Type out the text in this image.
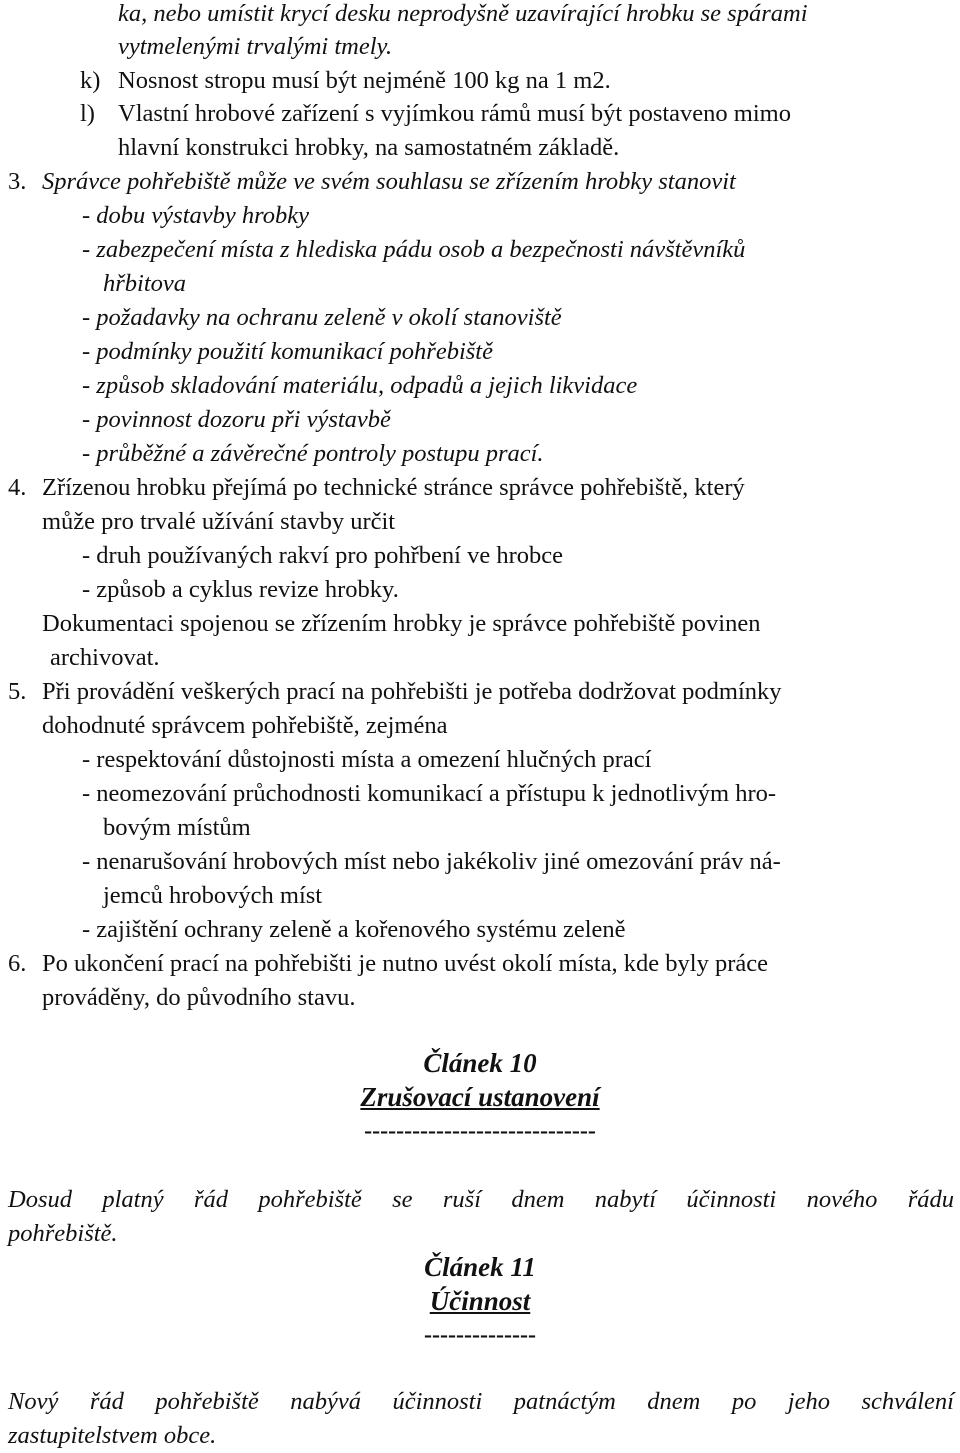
ka, nebo umístit krycí desku neprodyšně uzavírající hrobku se spárami
vytmelenými trvalými tmely.
k) Nosnost stropu musí být nejméně 100 kg na 1 m2.
l) Vlastní hrobové zařízení s vyjímkou rámů musí být postaveno mimo
hlavní konstrukci hrobky, na samostatném základě.
3. Správce pohřebiště může ve svém souhlasu se zřízením hrobky stanovit
- dobu výstavby hrobky
- zabezpečení místa z hlediska pádu osob a bezpečnosti návštěvníků
hřbitova
- požadavky na ochranu zeleně v okolí stanoviště
- podmínky použití komunikací pohřebiště
- způsob skladování materiálu, odpadů a jejich likvidace
- povinnost dozoru při výstavbě
- průběžné a závěrečné pontroly postupu prací.
4. Zřízenou hrobku přejímá po technické stránce správce pohřebiště, který
může pro trvalé užívání stavby určit
- druh používaných rakví pro pohřbení ve hrobce
- způsob a cyklus revize hrobky.
Dokumentaci spojenou se zřízením hrobky je správce pohřebiště povinen
archivovat.
5. Při provádění veškerých prací na pohřebišti je potřeba dodržovat podmínky
dohodnuté správcem pohřebiště, zejména
- respektování důstojnosti místa a omezení hlučných prací
- neomezování průchodnosti komunikací a přístupu k jednotlivým hro-
bovým místům
- nenarušování hrobových míst nebo jakékoliv jiné omezování práv ná-
jemců hrobových míst
- zajištění ochrany zeleně a kořenového systému zeleně
6. Po ukončení prací na pohřebišti je nutno uvést okolí místa, kde byly práce
prováděny, do původního stavu.
Článek 10
Zrušovací ustanovení
-----------------------------
Dosud platný řád pohřebiště se ruší dnem nabytí účinnosti nového řádu
pohřebiště.
Článek 11
Účinnost
--------------
Nový řád pohřebiště nabývá účinnosti patnáctým dnem po jeho schválení
zastupitelstvem obce.
